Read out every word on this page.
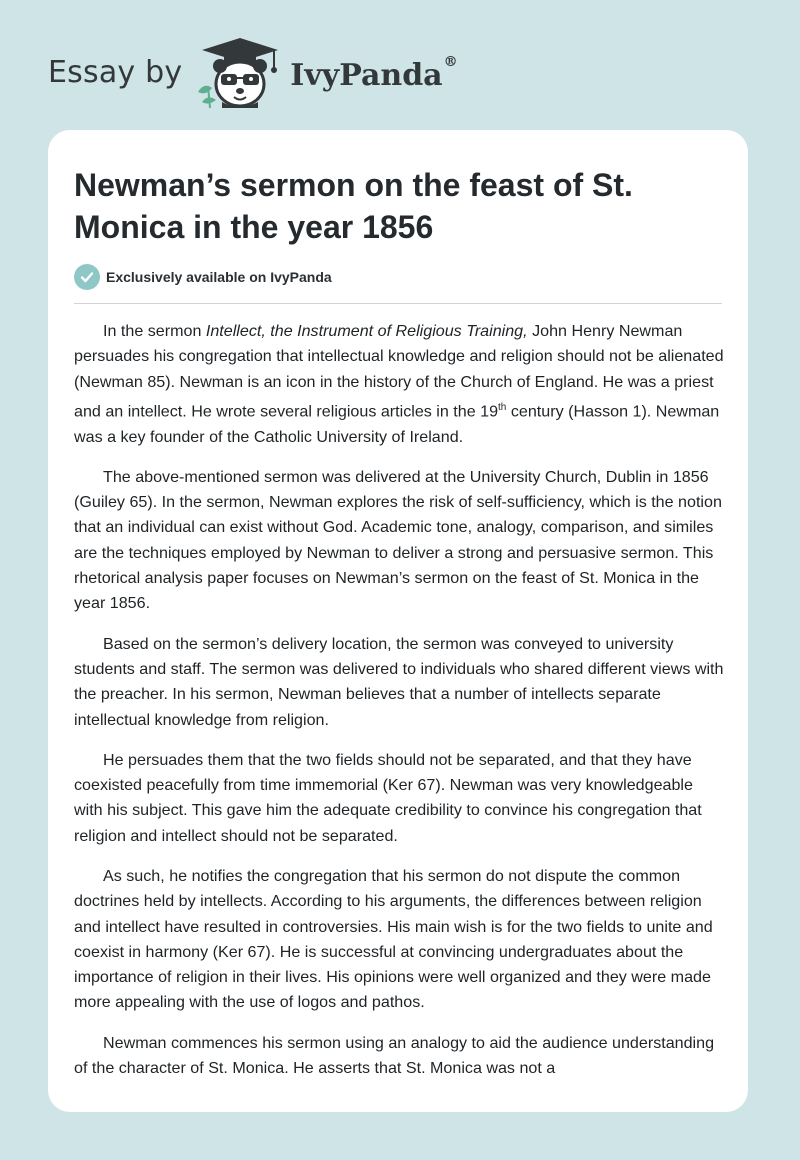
Essay by	IvyPanda®
Newman’s sermon on the feast of St. Monica in the year 1856
Exclusively available on IvyPanda

In the sermon Intellect, the Instrument of Religious Training, John Henry Newman persuades his congregation that intellectual knowledge and religion should not be alienated (Newman 85). Newman is an icon in the history of the Church of England. He was a priest and an intellect. He wrote several religious articles in the 19th century (Hasson 1). Newman was a key founder of the Catholic University of Ireland.

The above-mentioned sermon was delivered at the University Church, Dublin in 1856 (Guiley 65). In the sermon, Newman explores the risk of self-sufficiency, which is the notion that an individual can exist without God. Academic tone, analogy, comparison, and similes are the techniques employed by Newman to deliver a strong and persuasive sermon. This rhetorical analysis paper focuses on Newman’s sermon on the feast of St. Monica in the year 1856.

Based on the sermon’s delivery location, the sermon was conveyed to university students and staff. The sermon was delivered to individuals who shared different views with the preacher. In his sermon, Newman believes that a number of intellects separate intellectual knowledge from religion.

He persuades them that the two fields should not be separated, and that they have coexisted peacefully from time immemorial (Ker 67). Newman was very knowledgeable with his subject. This gave him the adequate credibility to convince his congregation that religion and intellect should not be separated.

As such, he notifies the congregation that his sermon do not dispute the common doctrines held by intellects. According to his arguments, the differences between religion and intellect have resulted in controversies. His main wish is for the two fields to unite and coexist in harmony (Ker 67). He is successful at convincing undergraduates about the importance of religion in their lives. His opinions were well organized and they were made more appealing with the use of logos and pathos.

Newman commences his sermon using an analogy to aid the audience understanding of the character of St. Monica. He asserts that St. Monica was not a
